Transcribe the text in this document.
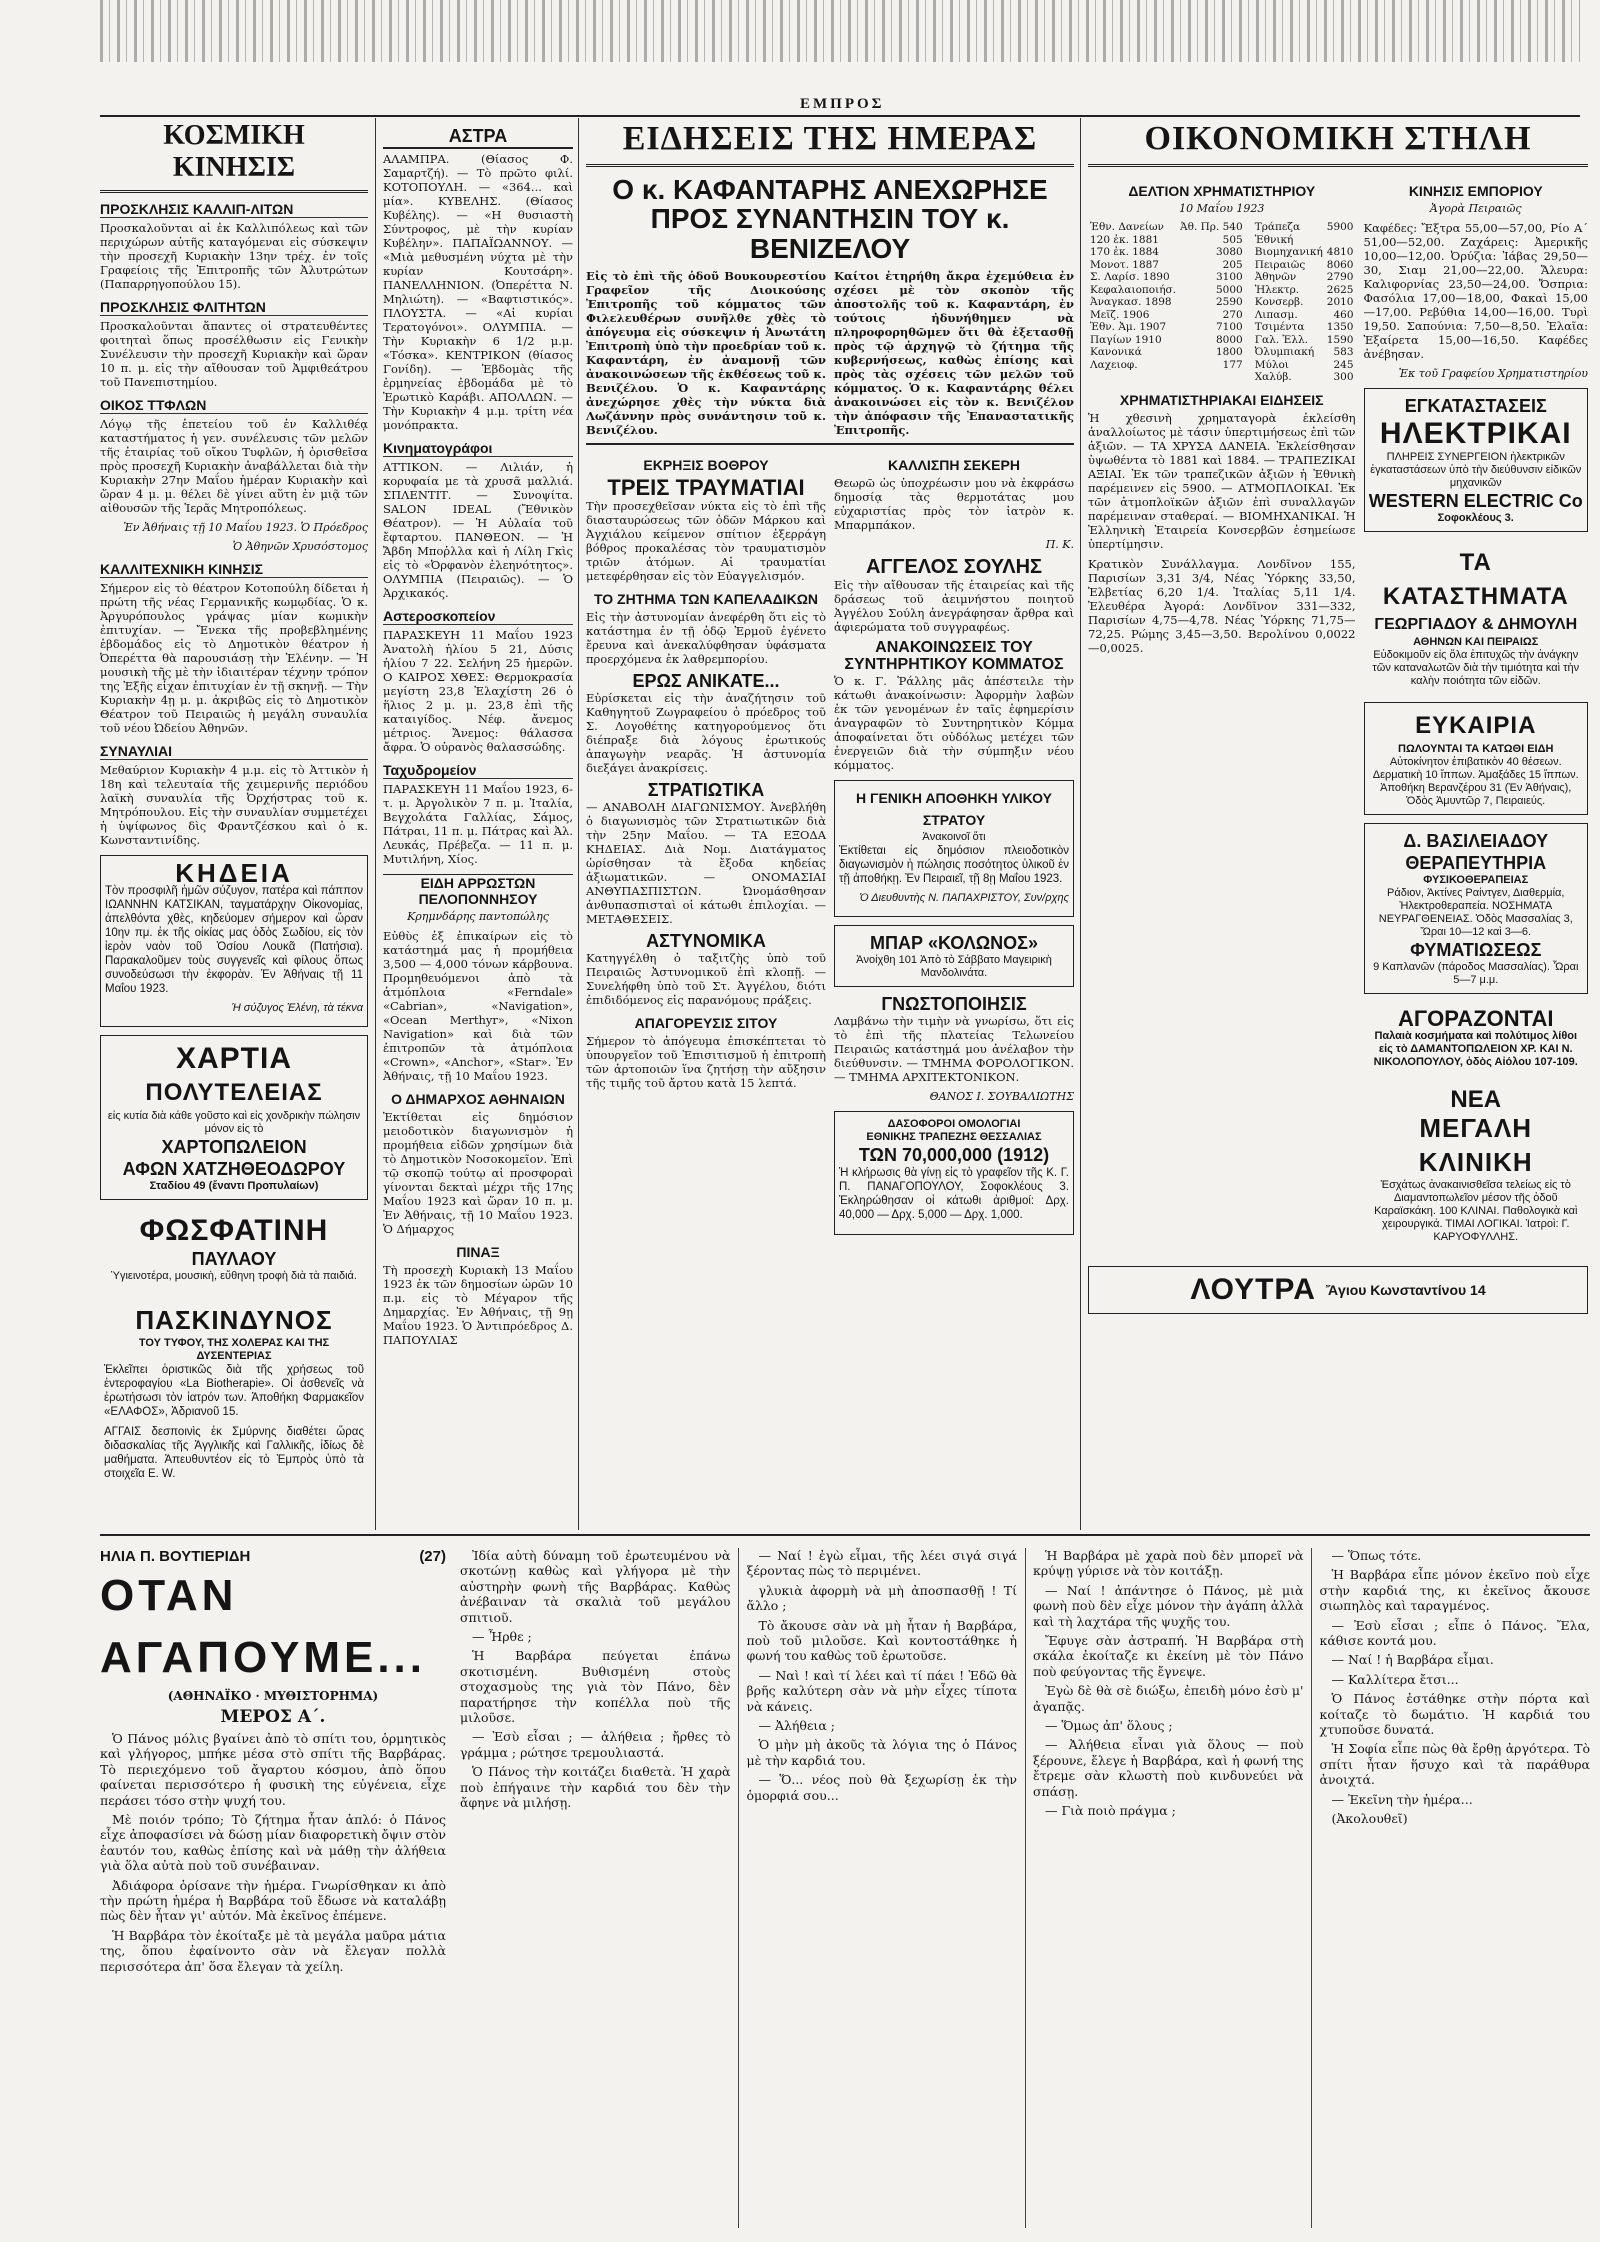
ΕΜΠΡΟΣ
ΚΟΣΜΙΚΗ ΚΙΝΗΣΙΣ
ΠΡΟΣΚΛΗΣΙΣ ΚΑΛΛΙΠ-ΛΙΤΩΝ

Προσκαλοῦνται αἱ ἐκ Καλλιπόλεως καὶ τῶν περιχώρων αὐτῆς καταγόμεναι εἰς σύσκεψιν τὴν προσεχῆ Κυριακὴν 13ην τρέχ. ἐν τοῖς Γραφείοις τῆς Ἑπιτροπῆς τῶν Ἀλυτρώτων (Παπαρρηγοπούλου 15).

ΠΡΟΣΚΛΗΣΙΣ ΦΛΙΤΗΤΩΝ

Προσκαλοῦνται ἅπαντες οἱ στρατευθέντες φοιτηταὶ ὅπως προσέλθωσιν εἰς Γενικὴν Συνέλευσιν τὴν προσεχῆ Κυριακὴν καὶ ὥραν 10 π. μ. εἰς τὴν αἴθουσαν τοῦ Ἀμφιθεάτρου τοῦ Πανεπιστημίου.

ΟΙΚΟΣ ΤΤΦΛΩΝ

Λόγῳ τῆς ἑπετείου τοῦ ἐν Καλλιθέᾳ καταστήματος ἡ γεν. συνέλευσις τῶν μελῶν τῆς ἐταιρίας τοῦ οἴκου Τυφλῶν, ἡ ὁρισθεῖσα πρὸς προσεχῆ Κυριακὴν ἀναβάλλεται διὰ τὴν Κυριακὴν 27ην Μαΐου ἡμέραν Κυριακὴν καὶ ὥραν 4 μ. μ. θέλει δὲ γίνει αὕτη ἐν μιᾷ τῶν αἰθουσῶν τῆς Ἱερᾶς Μητροπόλεως.

Ἐν Ἀθήναις τῇ 10 Μαΐου 1923. Ὁ Πρόεδρος

Ὁ Ἀθηνῶν Χρυσόστομος

ΚΑΛΛΙΤΕΧΝΙΚΗ ΚΙΝΗΣΙΣ

Σήμερον εἰς τὸ θέατρον Κοτοπούλη δίδεται ἡ πρώτη τῆς νέας Γερμανικῆς κωμῳδίας. Ὁ κ. Ἀργυρόπουλος γράψας μίαν κωμικὴν ἐπιτυχίαν. — Ἔνεκα τῆς προβεβλημένης ἑβδομάδος εἰς τὸ Δημοτικὸν θέατρον ἡ Ὀπερέττα θὰ παρουσιάσῃ τὴν Ἑλένην. — Ἡ μουσικὴ τῆς μὲ τὴν ἰδιαιτέραν τέχνην τρόπον της Ἐξῆς εἶχαν ἐπιτυχίαν ἐν τῇ σκηνῇ. — Τὴν Κυριακὴν 4ῃ μ. μ. ἀκριβῶς εἰς τὸ Δημοτικὸν Θέατρον τοῦ Πειραιῶς ἡ μεγάλη συναυλία τοῦ νέου Ὠδείου Ἀθηνῶν.

ΣΥΝΑΥΛΙΑΙ

Μεθαύριον Κυριακὴν 4 μ.μ. εἰς τὸ Ἀττικὸν ἡ 18η καὶ τελευταία τῆς χειμερινῆς περιόδου λαϊκὴ συναυλία τῆς Ὀρχήστρας τοῦ κ. Μητρόπουλου. Εἰς τὴν συναυλίαν συμμετέχει ἡ ὑψίφωνος δὶς Φραντζέσκου καὶ ὁ κ. Κωνσταντινίδης.

ΚΗΔΕΙΑ

Τὸν προσφιλῆ ἡμῶν σύζυγον, πατέρα καὶ πάππον ΙΩΑΝΝΗΝ ΚΑΤΣΙΚΑΝ, ταγματάρχην Οἰκονομίας, ἀπελθόντα χθὲς, κηδεύομεν σήμερον καὶ ὥραν 10ην πμ. ἐκ τῆς οἰκίας μας ὁδὸς Σωδίου, εἰς τὸν ἱερὸν ναὸν τοῦ Ὁσίου Λουκᾶ (Πατήσια). Παρακαλοῦμεν τοὺς συγγενεῖς καὶ φίλους ὅπως συνοδεύσωσι τὴν ἐκφορὰν. Ἐν Ἀθήναις τῇ 11 Μαΐου 1923.

Ἡ σύζυγος Ἑλένη, τὰ τέκνα

ΧΑΡΤΙΑ
ΠΟΛΥΤΕΛΕΙΑΣ
εἰς κυτία διὰ κάθε γοῦστο καὶ εἰς χονδρικὴν πώλησιν μόνον εἰς τὸ
ΧΑΡΤΟΠΩΛΕΙΟΝ
ΑΦΩΝ ΧΑΤΖΗΘΕΟΔΩΡΟΥ
Σταδίου 49 (ἔναντι Προπυλαίων)
ΦΩΣΦΑΤΙΝΗ
ΠΑΥΛΑΟΥ
Ὑγιεινοτέρα, μουσικὴ, εὔθηνη τροφὴ διὰ τὰ παιδιά.
ΠΑΣΚΙΝΔΥΝΟΣ
ΤΟΥ ΤΥΦΟΥ, ΤΗΣ ΧΟΛΕΡΑΣ ΚΑΙ ΤΗΣ ΔΥΣΕΝΤΕΡΙΑΣ

Ἐκλεῖπει ὁριστικῶς διὰ τῆς χρήσεως τοῦ ἐντεροφαγίου «La Biotherapie». Οἱ ἀσθενεῖς νὰ ἐρωτήσωσι τὸν ἰατρόν των. Ἀποθήκη Φαρμακεῖον «ΕΛΑΦΟΣ», Ἀδριανοῦ 15.

ΑΓΓΑΙΣ δεσποινὶς ἐκ Σμύρνης διαθέτει ὥρας διδασκαλίας τῆς Ἀγγλικῆς καὶ Γαλλικῆς, ἰδίως δὲ μαθήματα. Ἀπευθυντέον εἰς τὸ Ἐμπρὸς ὑπὸ τὰ στοιχεῖα Ε. W.

ΑΣΤΡΑ

ΑΛΑΜΠΡΑ. (Θίασος Φ. Σαμαρτζή). — Τὸ πρῶτο φιλί. ΚΟΤΟΠΟΥΛΗ. — «364... καὶ μία». ΚΥΒΕΛΗΣ. (Θίασος Κυβέλης). — «Η θυσιαστὴ Σύντροφος, μὲ τὴν κυρίαν Κυβέλην». ΠΑΠΑΪΩΑΝΝΟΥ. — «Μιὰ μεθυσμένη νύχτα μὲ τὴν κυρίαν Κουτσάρη». ΠΑΝΕΛΛΗΝΙΟΝ. (Ὀπερέττα Ν. Μηλιώτη). — «Βαφτιστικός». ΠΛΟΥΣΤΑ. — «Αἱ κυρίαι Τερατογόνοι». ΟΛΥΜΠΙΑ. — Τὴν Κυριακὴν 6 1/2 μ.μ. «Τόσκα». ΚΕΝΤΡΙΚΟΝ (θίασος Γονίδη). — Ἑβδομὰς τῆς ἐρμηνείας ἐβδομάδα μὲ τὸ Ἐρωτικὸ Καράβι. ΑΠΟΛΛΩΝ. — Τὴν Κυριακὴν 4 μ.μ. τρίτη νέα μονόπρακτα.

Κινηματογράφοι

ΑΤΤΙΚΟΝ. — Λιλιάν, ἡ κορυφαία με τὰ χρυσᾶ μαλλιά. ΣΠΛΕΝΤΙΤ. — Συνοψίτα. SALON IDEAL (Ἔθνικὸν Θέατρον). — Ἡ Αὐλαία τοῦ ἔφταρτου. ΠΑΝΘΕΟΝ. — Ἡ Ἄβδη Μποῤλλα καὶ ἡ Λίλη Γκὶς εἰς τὸ «Ὀρφανὸν ἐλεηνότητος». ΟΛΥΜΠΙΑ (Πειραιῶς). — Ὁ Ἀρχικακός.

Αστεροσκοπείον

ΠΑΡΑΣΚΕΥΗ 11 Μαΐου 1923 Ἀνατολὴ ἡλίου 5 21, Δύσις ἡλίου 7 22. Σελήνη 25 ἡμερῶν. Ο ΚΑΙΡΟΣ ΧΘΕΣ: Θερμοκρασία μεγίστη 23,8 Ἐλαχίστη 26 ὁ ἥλιος 2 μ. μ. 23,8 ἐπὶ τῆς καταιγίδος. Νέφ. ἄνεμος μέτριος. Ἄνεμος: θάλασσα ἄφρα. Ὁ οὐρανὸς θαλασσώδης.

Ταχυδρομείον

ΠΑΡΑΣΚΕΥΗ 11 Μαΐου 1923, 6-τ. μ. Ἀργολικὸν 7 π. μ. Ἰταλία, Βεγχολάτα Γαλλίας, Σάμος, Πάτραι, 11 π. μ. Πάτρας καὶ Ἀλ. Λευκάς, Πρέβεζα. — 11 π. μ. Μυτιλήνη, Χίος.

ΕΙΔΗ ΑΡΡΩΣΤΩΝ ΠΕΛΟΠΟΝΝΗΣΟΥ
Κρημνδάρης παντοπώλης

Εὐθὺς ἐξ ἐπικαίρων εἰς τὸ κατάστημά μας ἡ προμήθεια 3,500 — 4,000 τόνων κάρβουνα. Προμηθευόμενοι ἀπὸ τὰ ἀτμόπλοια «Ferndale» «Cabrian», «Navigation», «Ocean Merthyr», «Nixon Navigation» καὶ διὰ τῶν ἐπιτροπῶν τὰ ἀτμόπλοια «Crown», «Anchor», «Star». Ἐν Ἀθήναις, τῇ 10 Μαΐου 1923.

Ο ΔΗΜΑΡΧΟΣ ΑΘΗΝΑΙΩΝ

Ἐκτίθεται εἰς δημόσιον μειοδοτικὸν διαγωνισμὸν ἡ προμήθεια εἰδῶν χρησίμων διὰ τὸ Δημοτικὸν Νοσοκομεῖον. Ἐπὶ τῷ σκοπῷ τούτῳ αἱ προσφοραὶ γίνονται δεκταὶ μέχρι τῆς 17ης Μαΐου 1923 καὶ ὥραν 10 π. μ. Ἐν Ἀθήναις, τῇ 10 Μαΐου 1923. Ὁ Δήμαρχος

ΠΙΝΑΞ

Τὴ προσεχὴ Κυριακὴ 13 Μαΐου 1923 ἐκ τῶν δημοσίων ὡρῶν 10 π.μ. εἰς τὸ Μέγαρον τῆς Δημαρχίας. Ἐν Ἀθήναις, τῇ 9ῃ Μαΐου 1923. Ὁ Ἀντιπρόεδρος Δ. ΠΑΠΟΥΛΙΑΣ

ΕΙΔΗΣΕΙΣ ΤΗΣ ΗΜΕΡΑΣ
Ο κ. ΚΑΦΑΝΤΑΡΗΣ ΑΝΕΧΩΡΗΣΕ
ΠΡΟΣ ΣΥΝΑΝΤΗΣΙΝ ΤΟΥ κ. ΒΕΝΙΖΕΛΟΥ

Εἰς τὸ ἐπὶ τῆς ὁδοῦ Βουκουρεστίου Γραφεῖον τῆς Διοικούσης Ἐπιτροπῆς τοῦ κόμματος τῶν Φιλελευθέρων συνῆλθε χθὲς τὸ ἀπόγευμα εἰς σύσκεψιν ἡ Ἀνωτάτη Ἐπιτροπὴ ὑπὸ τὴν προεδρίαν τοῦ κ. Καφαντάρη, ἐν ἀναμονῇ τῶν ἀνακοινώσεων τῆς ἐκθέσεως τοῦ κ. Βενιζέλου. Ὁ κ. Καφαντάρης ἀνεχώρησε χθὲς τὴν νύκτα διὰ Λωζάννην πρὸς συνάντησιν τοῦ κ. Βενιζέλου.

Καίτοι ἐτηρήθη ἄκρα ἐχεμύθεια ἐν σχέσει μὲ τὸν σκοπὸν τῆς ἀποστολῆς τοῦ κ. Καφαντάρη, ἐν τούτοις ἠδυνήθημεν νὰ πληροφορηθῶμεν ὅτι θὰ ἐξετασθῇ πρὸς τῷ ἀρχηγῷ τὸ ζήτημα τῆς κυβερνήσεως, καθὼς ἐπίσης καὶ πρὸς τὰς σχέσεις τῶν μελῶν τοῦ κόμματος. Ὁ κ. Καφαντάρης θέλει ἀνακοινώσει εἰς τὸν κ. Βενιζέλον τὴν ἀπόφασιν τῆς Ἐπαναστατικῆς Ἐπιτροπῆς.

ΕΚΡΗΞΙΣ ΒΟΘΡΟΥ
ΤΡΕΙΣ ΤΡΑΥΜΑΤΙΑΙ

Τὴν προσεχθεῖσαν νύκτα εἰς τὸ ἐπὶ τῆς διασταυρώσεως τῶν ὁδῶν Μάρκου καὶ Ἀγχιάλου κείμενον σπίτιον ἐξερράγη βόθρος προκαλέσας τὸν τραυματισμὸν τριῶν ἀτόμων. Αἱ τραυματίαι μετεφέρθησαν εἰς τὸν Εὐαγγελισμόν.

ΤΟ ΖΗΤΗΜΑ ΤΩΝ ΚΑΠΕΛΑΔΙΚΩΝ

Εἰς τὴν ἀστυνομίαν ἀνεφέρθη ὅτι εἰς τὸ κατάστημα ἐν τῇ ὁδῷ Ἑρμοῦ ἐγένετο ἔρευνα καὶ ἀνεκαλύφθησαν ὑφάσματα προερχόμενα ἐκ λαθρεμπορίου.

ΕΡΩΣ ΑΝΙΚΑΤΕ...

Εὐρίσκεται εἰς τὴν ἀναζήτησιν τοῦ Καθηγητοῦ Ζωγραφείου ὁ πρόεδρος τοῦ Σ. Λογοθέτης κατηγορούμενος ὅτι διέπραξε διὰ λόγους ἐρωτικούς ἀπαγωγὴν νεαρᾶς. Ἡ ἀστυνομία διεξάγει ἀνακρίσεις.

ΣΤΡΑΤΙΩΤΙΚΑ

— ΑΝΑΒΟΛΗ ΔΙΑΓΩΝΙΣΜΟΥ. Ἀνεβλήθη ὁ διαγωνισμὸς τῶν Στρατιωτικῶν διὰ τὴν 25ην Μαΐου. — ΤΑ ΕΞΟΔΑ ΚΗΔΕΙΑΣ. Διὰ Νομ. Διατάγματος ὡρίσθησαν τὰ ἔξοδα κηδείας ἀξιωματικῶν. — ΟΝΟΜΑΣΙΑΙ ΑΝΘΥΠΑΣΠΙΣΤΩΝ. Ὠνομάσθησαν ἀνθυπασπισταὶ οἱ κάτωθι ἐπιλοχίαι. — ΜΕΤΑΘΕΣΕΙΣ.

ΑΣΤΥΝΟΜΙΚΑ

Κατηγγέλθη ὁ ταξιτζὴς ὑπὸ τοῦ Πειραιῶς Ἀστυνομικοῦ ἐπὶ κλοπῇ. — Συνελήφθη ὑπὸ τοῦ Στ. Ἀγγέλου, διότι ἐπιδιδόμενος εἰς παρανόμους πράξεις.

ΑΠΑΓΟΡΕΥΣΙΣ ΣΙΤΟΥ

Σήμερον τὸ ἀπόγευμα ἐπισκέπτεται τὸ ὑπουργεῖον τοῦ Ἐπισιτισμοῦ ἡ ἐπιτροπὴ τῶν ἀρτοποιῶν ἵνα ζητήσῃ τὴν αὔξησιν τῆς τιμῆς τοῦ ἄρτου κατὰ 15 λεπτά.

ΚΑΛΛΙΣΠΗ ΣΕΚΕΡΗ

Θεωρῶ ὡς ὑποχρέωσιν μου νὰ ἐκφράσω δημοσίᾳ τὰς θερμοτάτας μου εὐχαριστίας πρὸς τὸν ἰατρὸν κ. Μπαρμπάκον.

Π. Κ.

ΑΓΓΕΛΟΣ ΣΟΥΛΗΣ

Εἰς τὴν αἴθουσαν τῆς ἑταιρείας καὶ τῆς δράσεως τοῦ ἀειμνήστου ποιητοῦ Ἀγγέλου Σούλη ἀνεγράφησαν ἄρθρα καὶ ἀφιερώματα τοῦ συγγραφέως.

ΑΝΑΚΟΙΝΩΣΕΙΣ ΤΟΥ ΣΥΝΤΗΡΗΤΙΚΟΥ ΚΟΜΜΑΤΟΣ

Ὁ κ. Γ. Ῥάλλης μᾶς ἀπέστειλε τὴν κάτωθι ἀνακοίνωσιν: Ἀφορμὴν λαβὼν ἐκ τῶν γενομένων ἐν ταῖς ἐφημερίσιν ἀναγραφῶν τὸ Συντηρητικὸν Κόμμα ἀποφαίνεται ὅτι οὐδόλως μετέχει τῶν ἐνεργειῶν διὰ τὴν σύμπηξιν νέου κόμματος.

Η ΓΕΝΙΚΗ ΑΠΟΘΗΚΗ ΥΛΙΚΟΥ ΣΤΡΑΤΟΥ
Ἀνακοινοῖ ὅτι

Ἐκτίθεται εἰς δημόσιον πλειοδοτικὸν διαγωνισμὸν ἡ πώλησις ποσότητος ὑλικοῦ ἐν τῇ ἀποθήκῃ. Ἐν Πειραιεῖ, τῇ 8ῃ Μαΐου 1923.

Ὁ Διευθυντὴς Ν. ΠΑΠΑΧΡΙΣΤΟΥ, Συν/ρχης

ΜΠΑΡ «ΚΟΛΩΝΟΣ»
Ἀνοίχθη 101 Ἀπὸ τὸ Σάββατο Μαγειρικὴ Μανδολινάτα.
ΓΝΩΣΤΟΠΟΙΗΣΙΣ

Λαμβάνω τὴν τιμὴν νὰ γνωρίσω, ὅτι εἰς τὸ ἐπὶ τῆς πλατείας Τελωνείου Πειραιῶς κατάστημά μου ἀνέλαβον τὴν διεύθυνσιν. — ΤΜΗΜΑ ΦΟΡΟΛΟΓΙΚΟΝ. — ΤΜΗΜΑ ΑΡΧΙΤΕΚΤΟΝΙΚΟΝ.

ΘΑΝΟΣ Ι. ΣΟΥΒΑΛΙΩΤΗΣ

ΔΑΣΟΦΟΡΟΙ ΟΜΟΛΟΓΙΑΙ
ΕΘΝΙΚΗΣ ΤΡΑΠΕΖΗΣ ΘΕΣΣΑΛΙΑΣ
ΤΩΝ 70,000,000 (1912)

Ἡ κλήρωσις θὰ γίνῃ εἰς τὸ γραφεῖον τῆς Κ. Γ. Π. ΠΑΝΑΓΟΠΟΥΛΟΥ, Σοφοκλέους 3. Ἐκληρώθησαν οἱ κάτωθι ἀριθμοί: Δρχ. 40,000 — Δρχ. 5,000 — Δρχ. 1,000.

ΟΙΚΟΝΟΜΙΚΗ ΣΤΗΛΗ
ΔΕΛΤΙΟΝ ΧΡΗΜΑΤΙΣΤΗΡΙΟΥ
10 Μαΐου 1923
Ἐθν. Δανείων	Ἀθ. Πρ. 540
120 ἐκ. 1881	505
170 ἐκ. 1884	3080
Μονοτ. 1887	205
Σ. Λαρίσ. 1890	3100
Κεφαλαιοποιήσ.	5000
Ἀναγκασ. 1898	2590
Μεῖζ. 1906	270
Ἐθν. Ἀμ. 1907	7100
Παγίων 1910	8000
Κανονικά	1800
Λαχειοφ.	177
Τράπεζα Ἐθνική	5900
Βιομηχανική	4810
Πειραιῶς	8060
Ἀθηνῶν	2790
Ἠλεκτρ.	2625
Κονσερβ.	2010
Λιπασμ.	460
Τσιμέντα	1350
Γαλ. Ἐλλ.	1590
Ὀλυμπιακή	583
Μύλοι	245
Χαλύβ.	300
ΧΡΗΜΑΤΙΣΤΗΡΙΑΚΑΙ ΕΙΔΗΣΕΙΣ

Ἡ χθεσινὴ χρηματαγορὰ ἐκλείσθη ἀναλλοίωτος μὲ τάσιν ὑπερτιμήσεως ἐπὶ τῶν ἀξιῶν. — ΤΑ ΧΡΥΣΑ ΔΑΝΕΙΑ. Ἐκλείσθησαν ὑψωθέντα τὸ 1881 καὶ 1884. — ΤΡΑΠΕΖΙΚΑΙ ΑΞΙΑΙ. Ἐκ τῶν τραπεζικῶν ἀξιῶν ἡ Ἐθνικὴ παρέμεινεν εἰς 5900. — ΑΤΜΟΠΛΟΙΚΑΙ. Ἐκ τῶν ἀτμοπλοϊκῶν ἀξιῶν ἐπὶ συναλλαγῶν παρέμειναν σταθεραί. — ΒΙΟΜΗΧΑΝΙΚΑΙ. Ἡ Ἐλληνικὴ Ἑταιρεία Κονσερβῶν ἐσημείωσε ὑπερτίμησιν.

Κρατικὸν Συνάλλαγμα. Λονδῖνον 155, Παρισίων 3,31 3/4, Νέας Ὑόρκης 33,50, Ἑλβετίας 6,20 1/4. Ἰταλίας 5,11 1/4. Ἐλευθέρα Ἀγορά: Λονδῖνον 331—332, Παρισίων 4,75—4,78. Νέας Ὑόρκης 71,75—72,25. Ρώμης 3,45—3,50. Βερολίνου 0,0022—0,0025.

ΚΙΝΗΣΙΣ ΕΜΠΟΡΙΟΥ
Ἀγορὰ Πειραιῶς

Καφέδες: Ἔξτρα 55,00—57,00, Ρίο Α΄ 51,00—52,00. Ζαχάρεις: Ἀμερικῆς 10,00—12,00. Ὀρύζια: Ἰάβας 29,50—30, Σιαμ 21,00—22,00. Ἄλευρα: Καλιφορνίας 23,50—24,00. Ὄσπρια: Φασόλια 17,00—18,00, Φακαὶ 15,00—17,00. Ρεβύθια 14,00—16,00. Τυρὶ 19,50. Σαπούνια: 7,50—8,50. Ἐλαῖα: Ἐξαίρετα 15,00—16,50. Καφέδες ἀνέβησαν.

Ἐκ τοῦ Γραφείου Χρηματιστηρίου

ΕΓΚΑΤΑΣΤΑΣΕΙΣ
ΗΛΕΚΤΡΙΚΑΙ
ΠΛΗΡΕΙΣ ΣΥΝΕΡΓΕΙΟΝ ἠλεκτρικῶν ἐγκαταστάσεων ὑπὸ τὴν διεύθυνσιν εἰδικῶν μηχανικῶν
WESTERN ELECTRIC Co
Σοφοκλέους 3.
ΤΑ ΚΑΤΑΣΤΗΜΑΤΑ
ΓΕΩΡΓΙΑΔΟΥ & ΔΗΜΟΥΛΗ
ΑΘΗΝΩΝ ΚΑΙ ΠΕΙΡΑΙΩΣ
Εὐδοκιμοῦν εἰς ὅλα ἐπιτυχῶς τὴν ἀνάγκην τῶν καταναλωτῶν διὰ τὴν τιμιότητα καὶ τὴν καλὴν ποιότητα τῶν εἰδῶν.
ΕΥΚΑΙΡΙΑ
ΠΩΛΟΥΝΤΑΙ ΤΑ ΚΑΤΩΘΙ ΕΙΔΗ
Αὐτοκίνητον ἐπιβατικὸν 40 θέσεων. Δερματικὴ 10 ἵππων. Ἀμαξάδες 15 ἵππων. Ἀποθήκη Βερανζέρου 31 (Ἐν Ἀθήναις), Ὁδὸς Ἀμυντῶρ 7, Πειραιεύς.
Δ. ΒΑΣΙΛΕΙΑΔΟΥ
ΘΕΡΑΠΕΥΤΗΡΙΑ
ΦΥΣΙΚΟΘΕΡΑΠΕΙΑΣ
Ράδιον, Ἀκτίνες Ραίντγεν, Διαθερμία, Ἠλεκτροθεραπεία. ΝΟΣΗΜΑΤΑ ΝΕΥΡΑΓΘΕΝΕΙΑΣ. Ὁδὸς Μασσαλίας 3, Ὥραι 10—12 καὶ 3—6.
ΦΥΜΑΤΙΩΣΕΩΣ
9 Καπλανῶν (πάροδος Μασσαλίας). Ὧραι 5—7 μ.μ.
ΑΓΟΡΑΖΟΝΤΑΙ
Παλαιὰ κοσμήματα καὶ πολύτιμος λίθοι εἰς τὸ ΔΑΜΑΝΤΟΠΩΛΕΙΟΝ ΧΡ. ΚΑΙ Ν. ΝΙΚΟΛΟΠΟΥΛΟΥ, ὁδὸς Αἰόλου 107-109.
ΝΕΑ
ΜΕΓΑΛΗ ΚΛΙΝΙΚΗ
Ἐσχάτως ἀνακαινισθεῖσα τελείως εἰς τὸ Διαμαντοπωλεῖον μέσον τῆς ὁδοῦ Καραϊσκάκη. 100 ΚΛΙΝΑΙ. Παθολογικὰ καὶ χειρουργικά. ΤΙΜΑΙ ΛΟΓΙΚΑΙ. Ἰατροὶ: Γ. ΚΑΡΥΟΦΥΛΛΗΣ.
ΛΟΥΤΡΑ Ἄγιου Κωνσταντίνου 14
ΗΛΙΑ Π. ΒΟΥΤΙΕΡΙΔΗ	(27)
ΟΤΑΝ ΑΓΑΠΟΥΜΕ...
(ΑΘΗΝΑΪΚΟ · ΜΥΘΙΣΤΟΡΗΜΑ)
ΜΕΡΟΣ Α΄.

Ὁ Πάνος μόλις βγαίνει ἀπὸ τὸ σπίτι του, ὁρμητικὸς καὶ γλήγορος, μπήκε μέσα στὸ σπίτι τῆς Βαρβάρας. Τὸ περιεχόμενο τοῦ ἄγαρτου κόσμου, ἀπὸ ὅπου φαίνεται περισσότερο ἡ φυσικὴ της εὐγένεια, εἶχε περάσει τόσο στὴν ψυχή του.

Μὲ ποιόν τρόπο; Τὸ ζήτημα ἦταν ἀπλό: ὁ Πάνος εἶχε ἀποφασίσει νὰ δώσῃ μίαν διαφορετικὴ ὄψιν στὸν ἑαυτόν του, καθὼς ἐπίσης καὶ νὰ μάθῃ τὴν ἀλήθεια γιὰ ὅλα αὐτὰ ποὺ τοῦ συνέβαιναν.

Ἀδιάφορα ὁρίσανε τὴν ἡμέρα. Γνωρίσθηκαν κι ἀπὸ τὴν πρώτη ἡμέρα ἡ Βαρβάρα τοῦ ἔδωσε νὰ καταλάβῃ πὼς δὲν ἦταν γι' αὐτόν. Μὰ ἐκεῖνος ἐπέμενε.

Ἡ Βαρβάρα τὸν ἐκοίταξε μὲ τὰ μεγάλα μαῦρα μάτια της, ὅπου ἐφαίνοντο σὰν νὰ ἔλεγαν πολλὰ περισσότερα ἀπ' ὅσα ἔλεγαν τὰ χείλη.

Ἰδία αὐτὴ δύναμη τοῦ ἐρωτευμένου νὰ σκοτώνῃ καθὼς καὶ γλήγορα μὲ τὴν αὐστηρὴν φωνὴ τῆς Βαρβάρας. Καθὼς ἀνέβαιναν τὰ σκαλιὰ τοῦ μεγάλου σπιτιοῦ.

— Ἦρθε ;

Ἡ Βαρβάρα πεύγεται ἐπάνω σκοτισμένη. Βυθισμένη στοὺς στοχασμοὺς της γιὰ τὸν Πάνο, δὲν παρατήρησε τὴν κοπέλλα ποὺ τῆς μιλοῦσε.

— Ἐσὺ εἶσαι ; — ἀλήθεια ; ἤρθες τὸ γράμμα ; ρώτησε τρεμουλιαστά.

Ὁ Πάνος τὴν κοιτάζει διαθετὰ. Ἡ χαρὰ ποὺ ἐπήγαινε τὴν καρδιά του δὲν τὴν ἄφηνε νὰ μιλήσῃ.

— Ναί ! ἐγὼ εἶμαι, τῆς λέει σιγά σιγά ξέροντας πὼς τὸ περιμένει.

γλυκιὰ ἀφορμὴ νὰ μὴ ἀποσπασθῇ ! Τί ἄλλο ;

Τὸ ἄκουσε σὰν νὰ μὴ ἦταν ἡ Βαρβάρα, ποὺ τοῦ μιλοῦσε. Καὶ κοντοστάθηκε ἡ φωνή του καθὼς τοῦ ἐρωτοῦσε.

— Ναὶ ! καὶ τί λέει καὶ τί πάει ! Ἑδῶ θὰ βρῆς καλύτερη σὰν νὰ μὴν εἶχες τίποτα νὰ κάνεις.

— Ἀλήθεια ;

Ὁ μὴν μὴ ἀκοῦς τὰ λόγια της ὁ Πάνος μὲ τὴν καρδιά του.

— Ὅ... νέος ποὺ θὰ ξεχωρίσῃ ἐκ τὴν ὁμορφιά σου...

Ἡ Βαρβάρα μὲ χαρὰ ποὺ δὲν μπορεῖ νὰ κρύψῃ γύρισε νὰ τὸν κοιτάξῃ.

— Ναί ! ἀπάντησε ὁ Πάνος, μὲ μιὰ φωνὴ ποὺ δὲν εἶχε μόνον τὴν ἀγάπη ἀλλὰ καὶ τὴ λαχτάρα τῆς ψυχῆς του.

Ἔφυγε σὰν ἀστραπή. Ἡ Βαρβάρα στὴ σκάλα ἐκοίταζε κι ἐκείνη μὲ τὸν Πάνο ποὺ φεύγοντας τῆς ἔγνεψε.

Ἐγὼ δὲ θὰ σὲ διώξω, ἐπειδὴ μόνο ἐσὺ μ' ἀγαπᾷς.

— Ὅμως ἀπ' ὅλους ;

— Ἀλήθεια εἶναι γιὰ ὅλους — ποὺ ξέρουνε, ἔλεγε ἡ Βαρβάρα, καὶ ἡ φωνή της ἔτρεμε σὰν κλωστὴ ποὺ κινδυνεύει νὰ σπάσῃ.

— Γιὰ ποιὸ πράγμα ;

— Ὅπως τότε.

Ἡ Βαρβάρα εἶπε μόνον ἐκεῖνο ποὺ εἶχε στὴν καρδιά της, κι ἐκεῖνος ἄκουσε σιωπηλὸς καὶ ταραγμένος.

— Ἐσὺ εἶσαι ; εἶπε ὁ Πάνος. Ἔλα, κάθισε κοντά μου.

— Ναί ! ἡ Βαρβάρα εἶμαι.

— Καλλίτερα ἔτσι...

Ὁ Πάνος ἐστάθηκε στὴν πόρτα καὶ κοίταζε τὸ δωμάτιο. Ἡ καρδιά του χτυποῦσε δυνατά.

Ἡ Σοφία εἶπε πὼς θὰ ἔρθῃ ἀργότερα. Τὸ σπίτι ἦταν ἥσυχο καὶ τὰ παράθυρα ἀνοιχτά.

— Ἐκεῖνη τὴν ἡμέρα...

(Ἀκολουθεῖ)
